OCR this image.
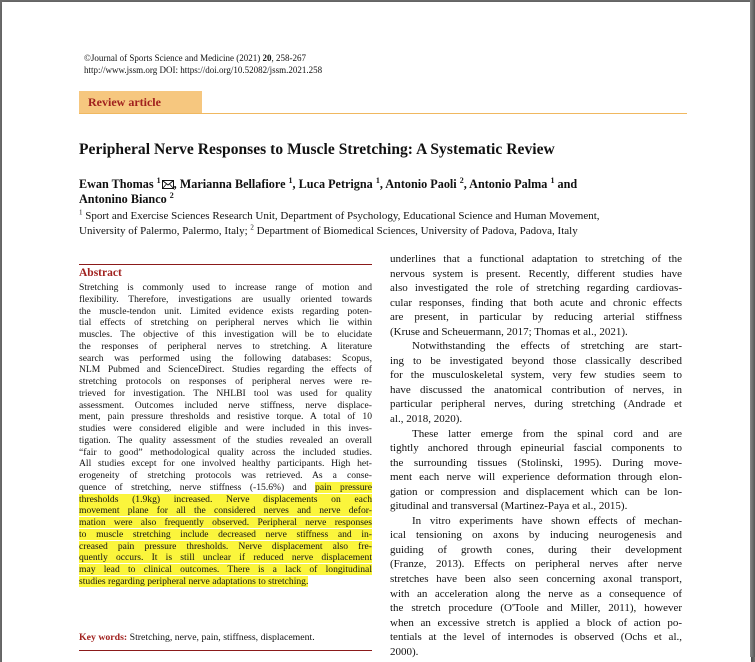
©Journal of Sports Science and Medicine (2021) 20, 258-267
http://www.jssm.org DOI: https://doi.org/10.52082/jssm.2021.258
Review article
Peripheral Nerve Responses to Muscle Stretching: A Systematic Review
Ewan Thomas $^1$ , Marianna Bellafiore $^1$, Luca Petrigna $^1$, Antonio Paoli $^2$, Antonio Palma $^1$ and
Antonino Bianco $^2$
$^1$ Sport and Exercise Sciences Research Unit, Department of Psychology, Educational Science and Human Movement,
University of Palermo, Palermo, Italy; $^2$ Department of Biomedical Sciences, University of Padova, Padova, Italy
Abstract
Stretching is commonly used to increase range of motion and
flexibility. Therefore, investigations are usually oriented towards
the muscle-tendon unit. Limited evidence exists regarding poten-
tial effects of stretching on peripheral nerves which lie within
muscles. The objective of this investigation will be to elucidate
the responses of peripheral nerves to stretching. A literature
search was performed using the following databases: Scopus,
NLM Pubmed and ScienceDirect. Studies regarding the effects of
stretching protocols on responses of peripheral nerves were re-
trieved for investigation. The NHLBI tool was used for quality
assessment. Outcomes included nerve stiffness, nerve displace-
ment, pain pressure thresholds and resistive torque. A total of 10
studies were considered eligible and were included in this inves-
tigation. The quality assessment of the studies revealed an overall
“fair to good” methodological quality across the included studies.
All studies except for one involved healthy participants. High het-
erogeneity of stretching protocols was retrieved. As a conse-
quence of stretching, nerve stiffness (-15.6%) and pain pressure
thresholds (1.9kg) increased. Nerve displacements on each
movement plane for all the considered nerves and nerve defor-
mation were also frequently observed. Peripheral nerve responses
to muscle stretching include decreased nerve stiffness and in-
creased pain pressure thresholds. Nerve displacement also fre-
quently occurs. It is still unclear if reduced nerve displacement
may lead to clinical outcomes. There is a lack of longitudinal
studies regarding peripheral nerve adaptations to stretching.
Key words: Stretching, nerve, pain, stiffness, displacement.
underlines that a functional adaptation to stretching of the
nervous system is present. Recently, different studies have
also investigated the role of stretching regarding cardiovas-
cular responses, finding that both acute and chronic effects
are present, in particular by reducing arterial stiffness
(Kruse and Scheuermann, 2017; Thomas et al., 2021).
Notwithstanding the effects of stretching are start-
ing to be investigated beyond those classically described
for the musculoskeletal system, very few studies seem to
have discussed the anatomical contribution of nerves, in
particular peripheral nerves, during stretching (Andrade et
al., 2018, 2020).
These latter emerge from the spinal cord and are
tightly anchored through epineurial fascial components to
the surrounding tissues (Stolinski, 1995). During move-
ment each nerve will experience deformation through elon-
gation or compression and displacement which can be lon-
gitudinal and transversal (Martinez-Paya et al., 2015).
In vitro experiments have shown effects of mechan-
ical tensioning on axons by inducing neurogenesis and
guiding of growth cones, during their development
(Franze, 2013). Effects on peripheral nerves after nerve
stretches have been also seen concerning axonal transport,
with an acceleration along the nerve as a consequence of
the stretch procedure (O'Toole and Miller, 2011), however
when an excessive stretch is applied a block of action po-
tentials at the level of internodes is observed (Ochs et al.,
2000).
